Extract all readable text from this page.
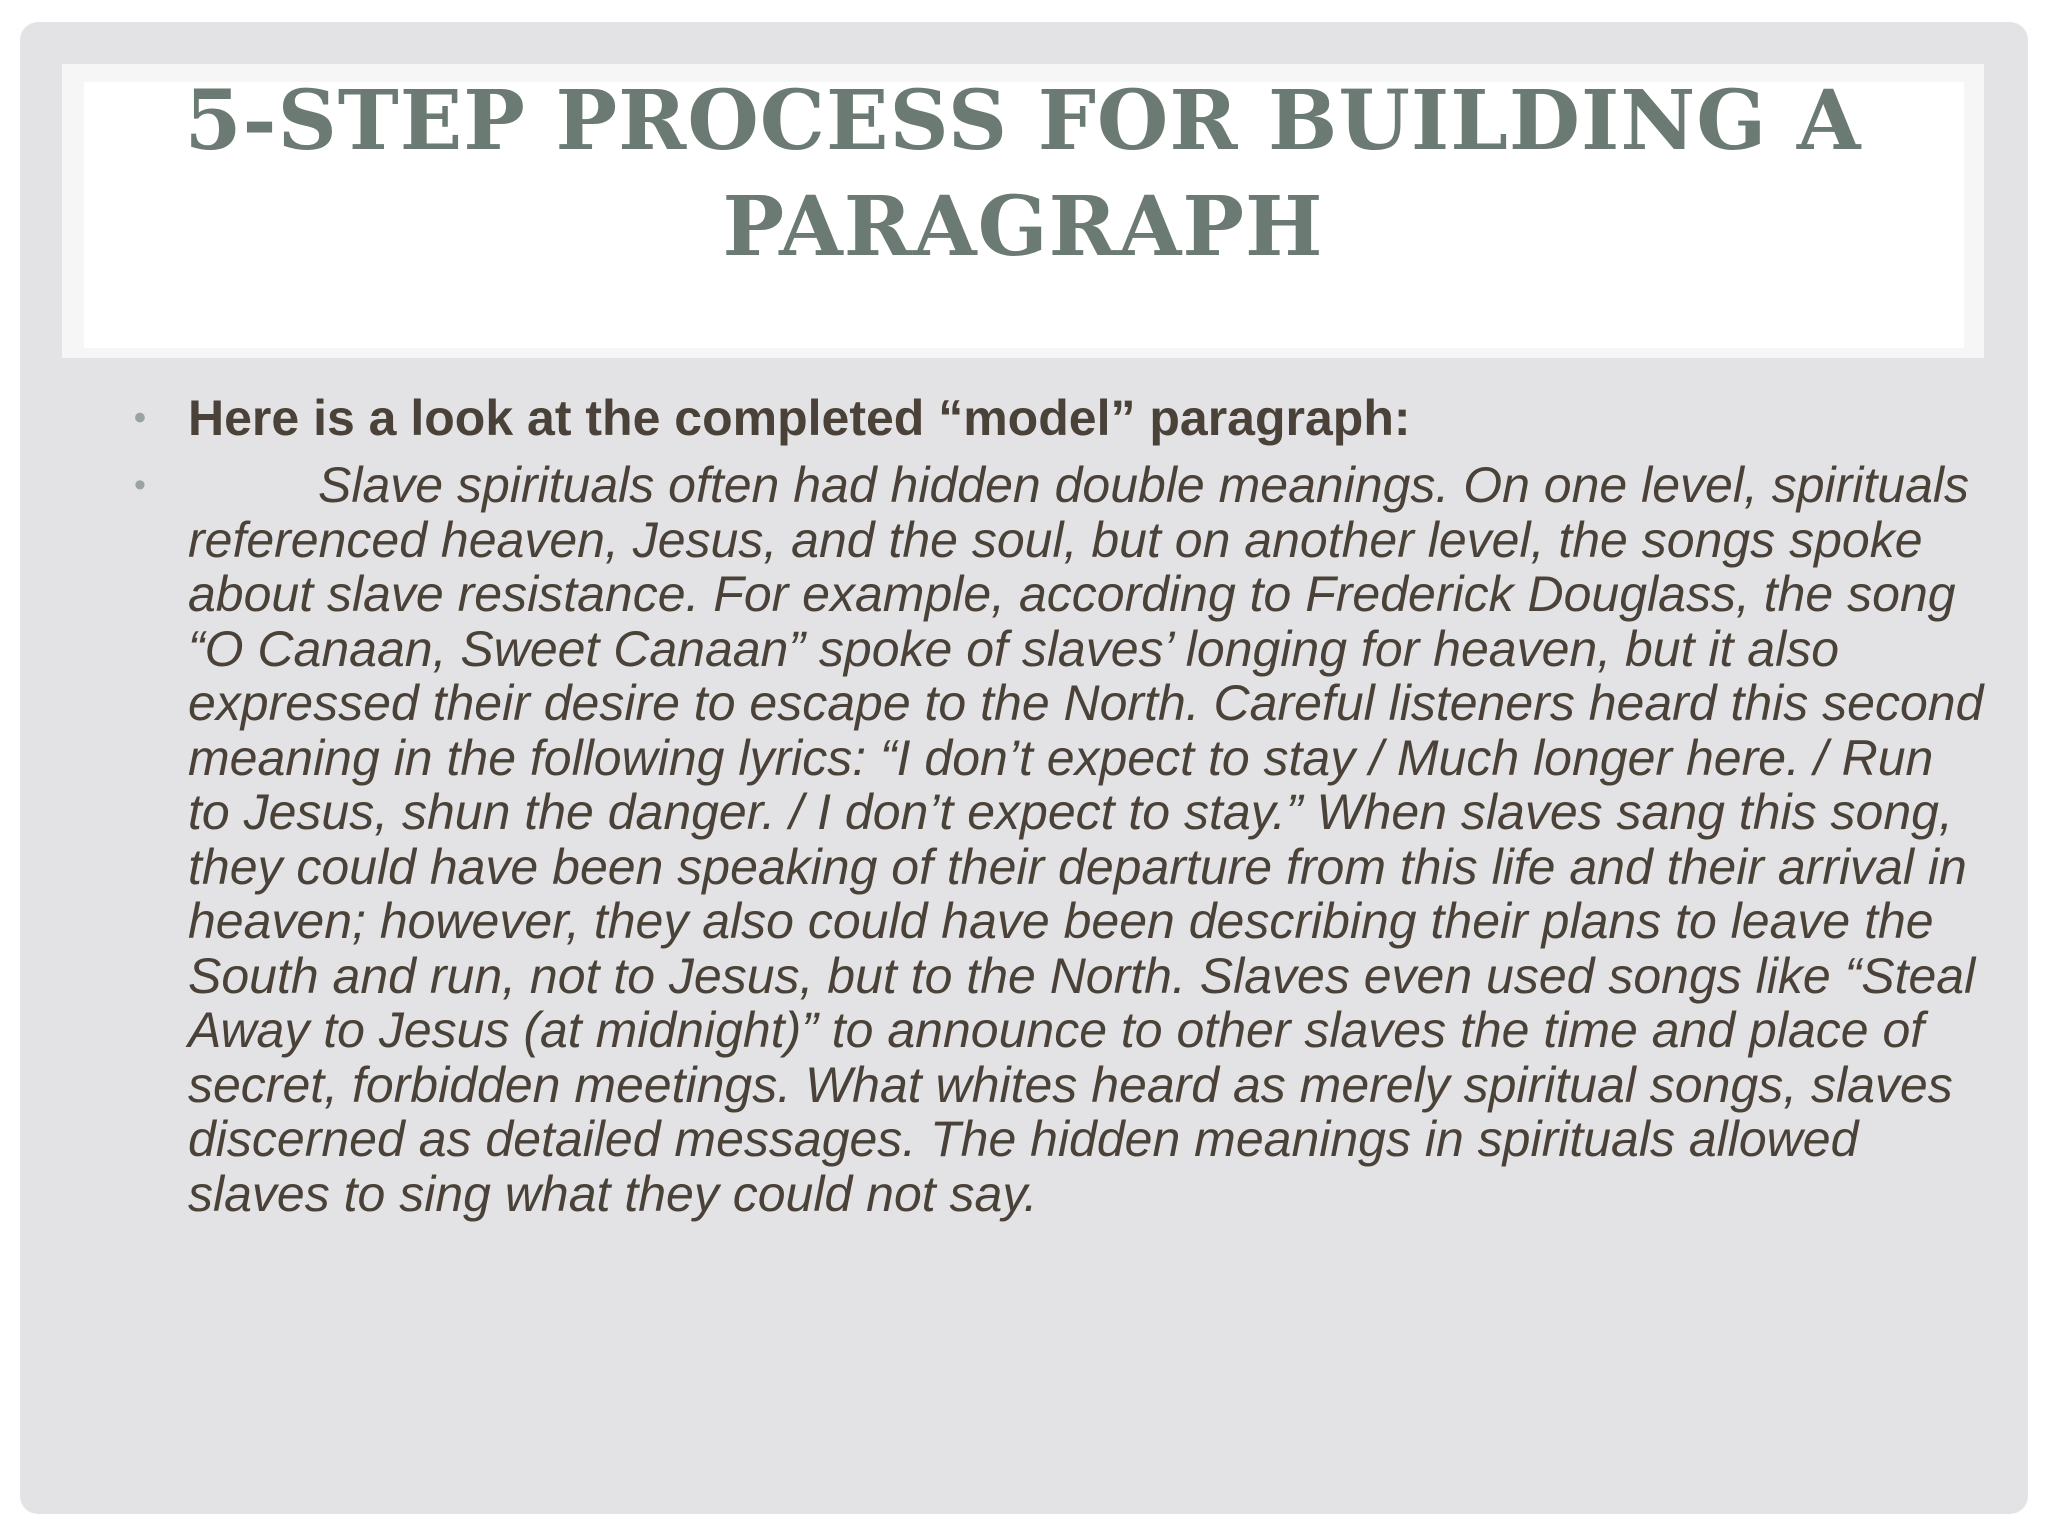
5-STEP PROCESS FOR BUILDING A PARAGRAPH
• Here is a look at the completed “model” paragraph:
•	Slave spirituals often had hidden double meanings. On one level, spirituals referenced heaven, Jesus, and the soul, but on another level, the songs spoke about slave resistance. For example, according to Frederick Douglass, the song “O Canaan, Sweet Canaan” spoke of slaves’ longing for heaven, but it also expressed their desire to escape to the North. Careful listeners heard this second meaning in the following lyrics: “I don’t expect to stay / Much longer here. / Run to Jesus, shun the danger. / I don’t expect to stay.” When slaves sang this song, they could have been speaking of their departure from this life and their arrival in heaven; however, they also could have been describing their plans to leave the South and run, not to Jesus, but to the North. Slaves even used songs like “Steal Away to Jesus (at midnight)” to announce to other slaves the time and place of secret, forbidden meetings. What whites heard as merely spiritual songs, slaves discerned as detailed messages. The hidden meanings in spirituals allowed slaves to sing what they could not say.
